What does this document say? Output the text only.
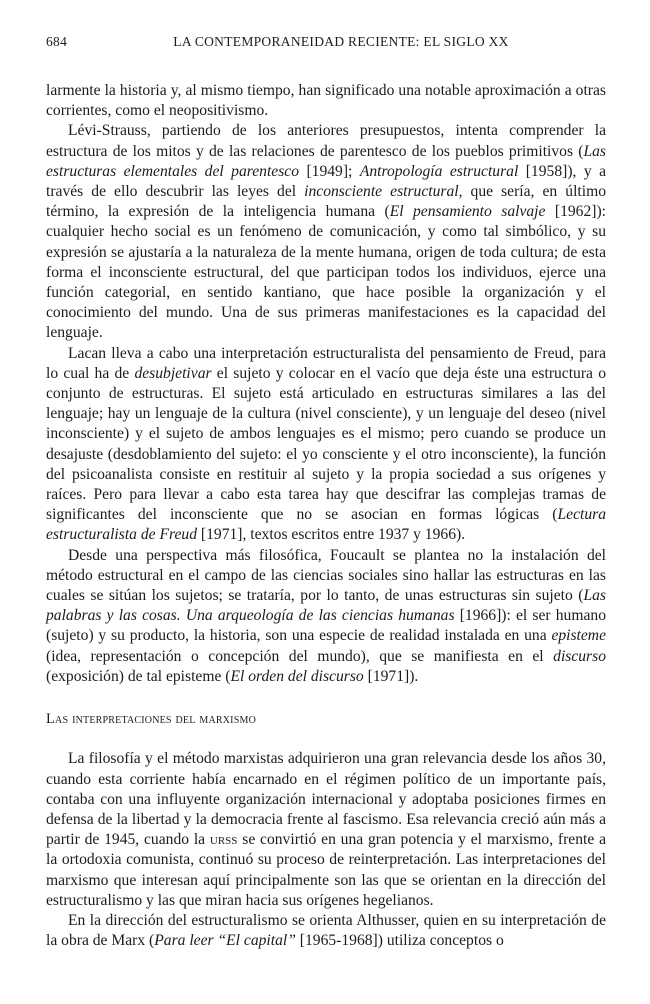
684	LA CONTEMPORANEIDAD RECIENTE: EL SIGLO XX

larmente la historia y, al mismo tiempo, han significado una notable aproximación a otras corrientes, como el neopositivismo.

Lévi-Strauss, partiendo de los anteriores presupuestos, intenta comprender la estructura de los mitos y de las relaciones de parentesco de los pueblos primitivos (Las estructuras elementales del parentesco [1949]; Antropología estructural [1958]), y a través de ello descubrir las leyes del inconsciente estructural, que sería, en último término, la expresión de la inteligencia humana (El pensamiento salvaje [1962]): cualquier hecho social es un fenómeno de comunicación, y como tal simbólico, y su expresión se ajustaría a la naturaleza de la mente humana, origen de toda cultura; de esta forma el inconsciente estructural, del que participan todos los individuos, ejerce una función categorial, en sentido kantiano, que hace posible la organización y el conocimiento del mundo. Una de sus primeras manifestaciones es la capacidad del lenguaje.

Lacan lleva a cabo una interpretación estructuralista del pensamiento de Freud, para lo cual ha de desubjetivar el sujeto y colocar en el vacío que deja éste una estructura o conjunto de estructuras. El sujeto está articulado en estructuras similares a las del lenguaje; hay un lenguaje de la cultura (nivel consciente), y un lenguaje del deseo (nivel inconsciente) y el sujeto de ambos lenguajes es el mismo; pero cuando se produce un desajuste (desdoblamiento del sujeto: el yo consciente y el otro inconsciente), la función del psicoanalista consiste en restituir al sujeto y la propia sociedad a sus orígenes y raíces. Pero para llevar a cabo esta tarea hay que descifrar las complejas tramas de significantes del inconsciente que no se asocian en formas lógicas (Lectura estructuralista de Freud [1971], textos escritos entre 1937 y 1966).

Desde una perspectiva más filosófica, Foucault se plantea no la instalación del método estructural en el campo de las ciencias sociales sino hallar las estructuras en las cuales se sitúan los sujetos; se trataría, por lo tanto, de unas estructuras sin sujeto (Las palabras y las cosas. Una arqueología de las ciencias humanas [1966]): el ser humano (sujeto) y su producto, la historia, son una especie de realidad instalada en una episteme (idea, representación o concepción del mundo), que se manifiesta en el discurso (exposición) de tal episteme (El orden del discurso [1971]).

Las interpretaciones del marxismo

La filosofía y el método marxistas adquirieron una gran relevancia desde los años 30, cuando esta corriente había encarnado en el régimen político de un importante país, contaba con una influyente organización internacional y adoptaba posiciones firmes en defensa de la libertad y la democracia frente al fascismo. Esa relevancia creció aún más a partir de 1945, cuando la urss se convirtió en una gran potencia y el marxismo, frente a la ortodoxia comunista, continuó su proceso de reinterpretación. Las interpretaciones del marxismo que interesan aquí principalmente son las que se orientan en la dirección del estructuralismo y las que miran hacia sus orígenes hegelianos.

En la dirección del estructuralismo se orienta Althusser, quien en su interpretación de la obra de Marx (Para leer “El capital” [1965-1968]) utiliza conceptos o
